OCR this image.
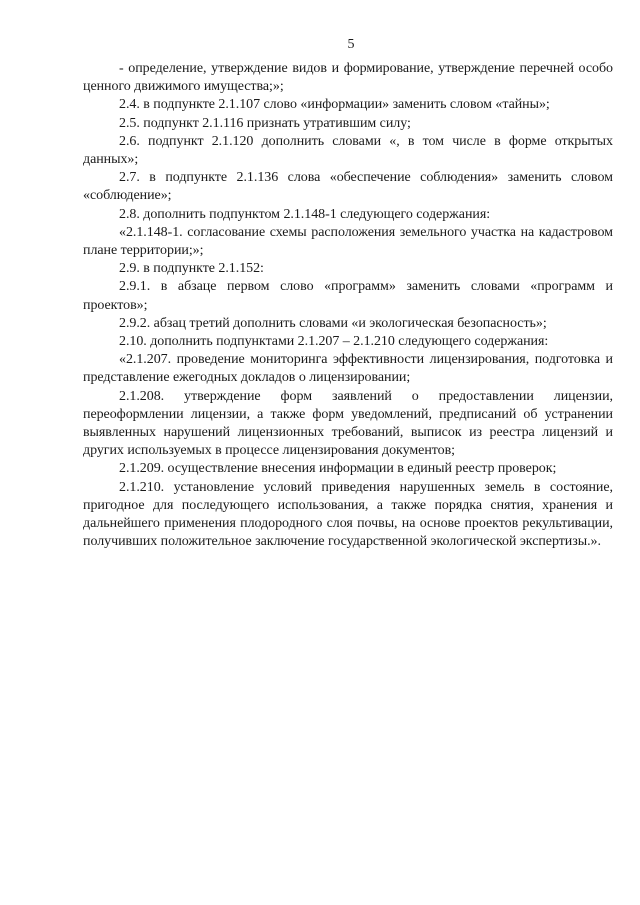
5

- определение, утверждение видов и формирование, утверждение перечней особо ценного движимого имущества;»;

2.4. в подпункте 2.1.107 слово «информации» заменить словом «тайны»;

2.5. подпункт 2.1.116 признать утратившим силу;

2.6. подпункт 2.1.120 дополнить словами «, в том числе в форме открытых данных»;

2.7. в подпункте 2.1.136 слова «обеспечение соблюдения» заменить словом «соблюдение»;

2.8. дополнить подпунктом 2.1.148-1 следующего содержания:

«2.1.148-1. согласование схемы расположения земельного участка на кадастровом плане территории;»;

2.9. в подпункте 2.1.152:

2.9.1. в абзаце первом слово «программ» заменить словами «программ и проектов»;

2.9.2. абзац третий дополнить словами «и экологическая безопасность»;

2.10. дополнить подпунктами 2.1.207 – 2.1.210 следующего содержания:

«2.1.207. проведение мониторинга эффективности лицензирования, подготовка и представление ежегодных докладов о лицензировании;

2.1.208. утверждение форм заявлений о предоставлении лицензии, переоформлении лицензии, а также форм уведомлений, предписаний об устранении выявленных нарушений лицензионных требований, выписок из реестра лицензий и других используемых в процессе лицензирования документов;

2.1.209. осуществление внесения информации в единый реестр проверок;

2.1.210. установление условий приведения нарушенных земель в состояние, пригодное для последующего использования, а также порядка снятия, хранения и дальнейшего применения плодородного слоя почвы, на основе проектов рекультивации, получивших положительное заключение государственной экологической экспертизы.».
